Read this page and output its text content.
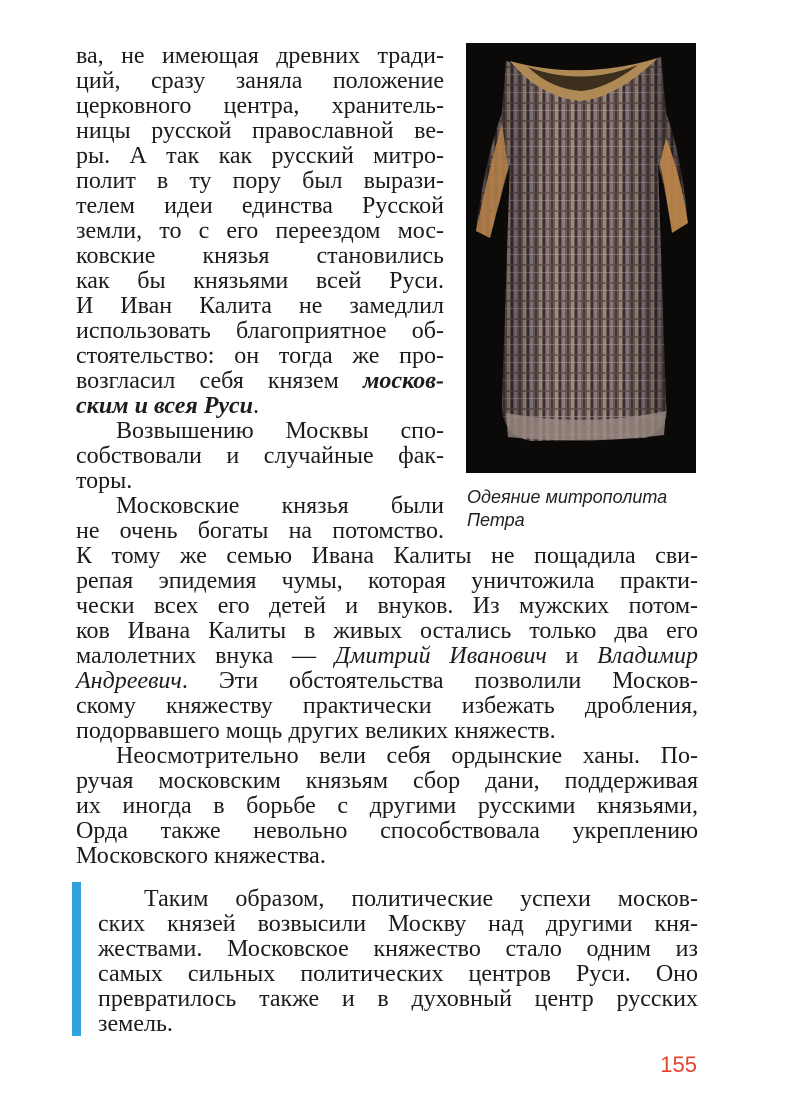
ва, не имеющая древних тради-

ций, сразу заняла положение

церковного центра, хранитель-

ницы русской православной ве-

ры. А так как русский митро-

полит в ту пору был вырази-

телем идеи единства Русской

земли, то с его переездом мос-

ковские князья становились

как бы князьями всей Руси.

И Иван Калита не замедлил

использовать благоприятное об-

стоятельство: он тогда же про-

возгласил себя князем москов-

ским и всея Руси.

Возвышению Москвы спо-

собствовали и случайные фак-

торы.

Московские князья были

не очень богаты на потомство.

Одеяние митрополита

Петра

К тому же семью Ивана Калиты не пощадила сви-

репая эпидемия чумы, которая уничтожила практи-

чески всех его детей и внуков. Из мужских потом-

ков Ивана Калиты в живых остались только два его

малолетних внука — Дмитрий Иванович и Владимир

Андреевич. Эти обстоятельства позволили Москов-

скому княжеству практически избежать дробления,

подорвавшего мощь других великих княжеств.

Неосмотрительно вели себя ордынские ханы. По-

ручая московским князьям сбор дани, поддерживая

их иногда в борьбе с другими русскими князьями,

Орда также невольно способствовала укреплению

Московского княжества.

Таким образом, политические успехи москов-

ских князей возвысили Москву над другими кня-

жествами. Московское княжество стало одним из

самых сильных политических центров Руси. Оно

превратилось также и в духовный центр русских

земель.

155
